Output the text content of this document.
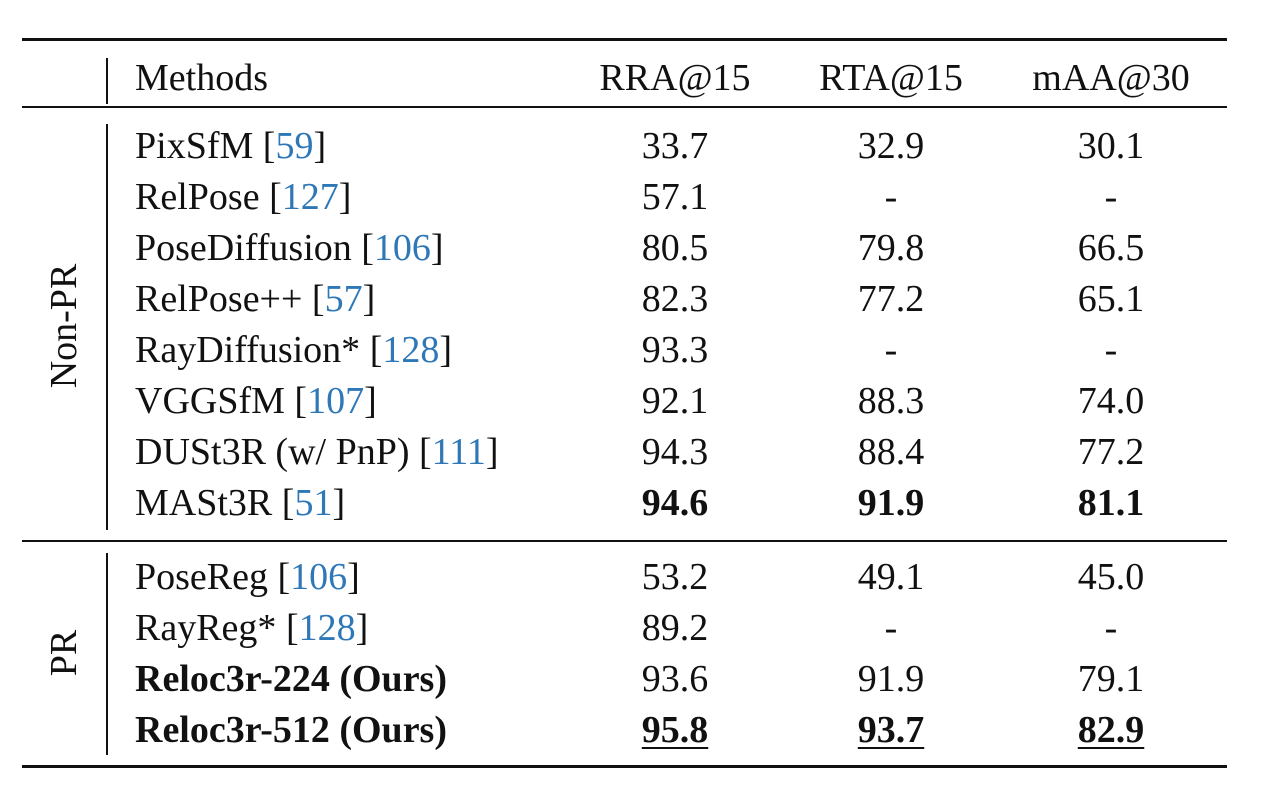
Methods	RRA@15 RTA@15 mAA@30
Non-PR
PR
PixSfM [59]	33.7	32.9	30.1
RelPose [127]	57.1	-	-
PoseDiffusion [106]	80.5	79.8	66.5
RelPose++ [57]	82.3	77.2	65.1
RayDiffusion* [128]	93.3	-	-
VGGSfM [107]	92.1	88.3	74.0
DUSt3R (w/ PnP) [111]	94.3	88.4	77.2
MASt3R [51]	94.6	91.9	81.1
PoseReg [106]	53.2	49.1	45.0
RayReg* [128]	89.2	-	-
Reloc3r-224 (Ours)	93.6	91.9	79.1
Reloc3r-512 (Ours)	95.8	93.7	82.9
